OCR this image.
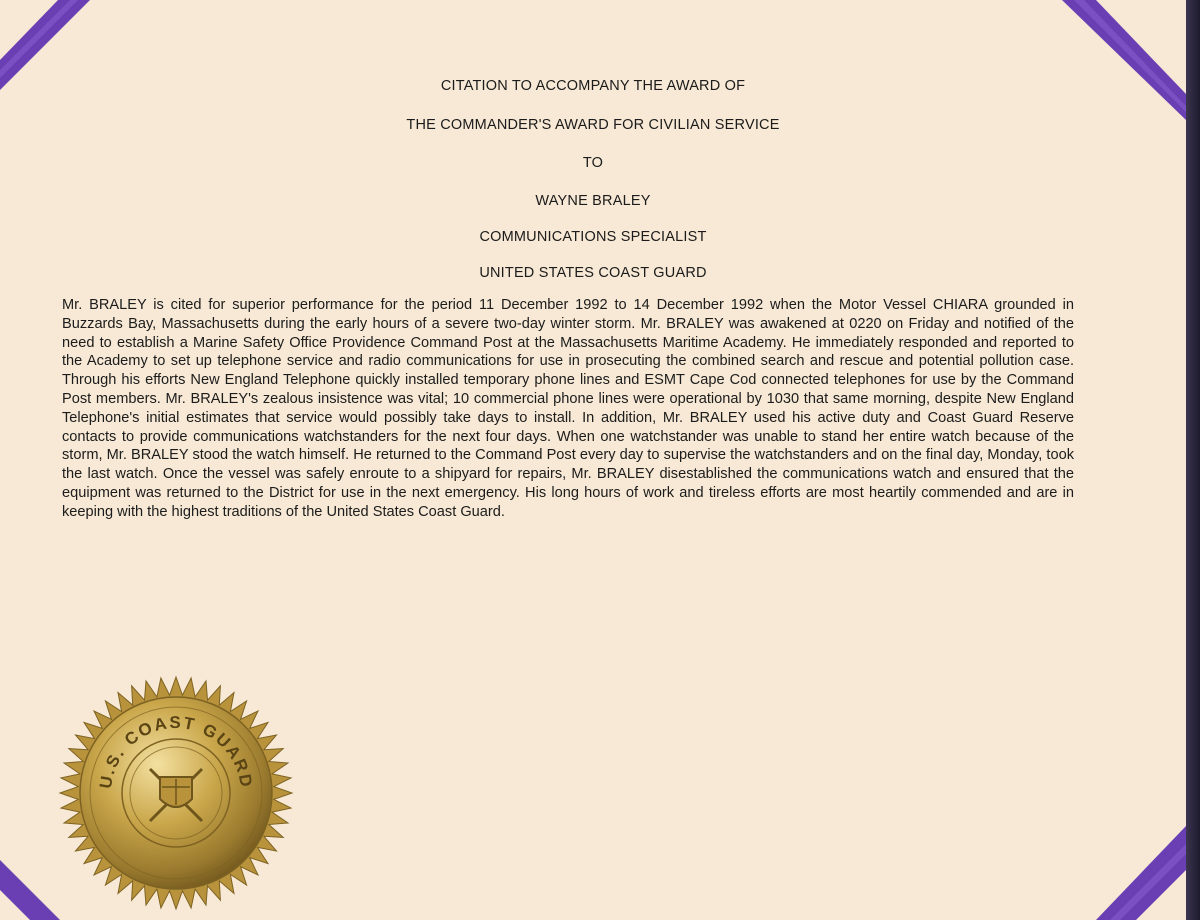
CITATION TO ACCOMPANY THE AWARD OF
THE COMMANDER'S AWARD FOR CIVILIAN SERVICE
TO
WAYNE BRALEY
COMMUNICATIONS SPECIALIST
UNITED STATES COAST GUARD

Mr. BRALEY is cited for superior performance for the period 11 December 1992 to 14 December 1992 when the Motor Vessel CHIARA grounded in Buzzards Bay, Massachusetts during the early hours of a severe two-day winter storm. Mr. BRALEY was awakened at 0220 on Friday and notified of the need to establish a Marine Safety Office Providence Command Post at the Massachusetts Maritime Academy. He immediately responded and reported to the Academy to set up telephone service and radio communications for use in prosecuting the combined search and rescue and potential pollution case. Through his efforts New England Telephone quickly installed temporary phone lines and ESMT Cape Cod connected telephones for use by the Command Post members. Mr. BRALEY's zealous insistence was vital; 10 commercial phone lines were operational by 1030 that same morning, despite New England Telephone's initial estimates that service would possibly take days to install. In addition, Mr. BRALEY used his active duty and Coast Guard Reserve contacts to provide communications watchstanders for the next four days. When one watchstander was unable to stand her entire watch because of the storm, Mr. BRALEY stood the watch himself. He returned to the Command Post every day to supervise the watchstanders and on the final day, Monday, took the last watch. Once the vessel was safely enroute to a shipyard for repairs, Mr. BRALEY disestablished the communications watch and ensured that the equipment was returned to the District for use in the next emergency. His long hours of work and tireless efforts are most heartily commended and are in keeping with the highest traditions of the United States Coast Guard.

U.S. COAST GUARD
